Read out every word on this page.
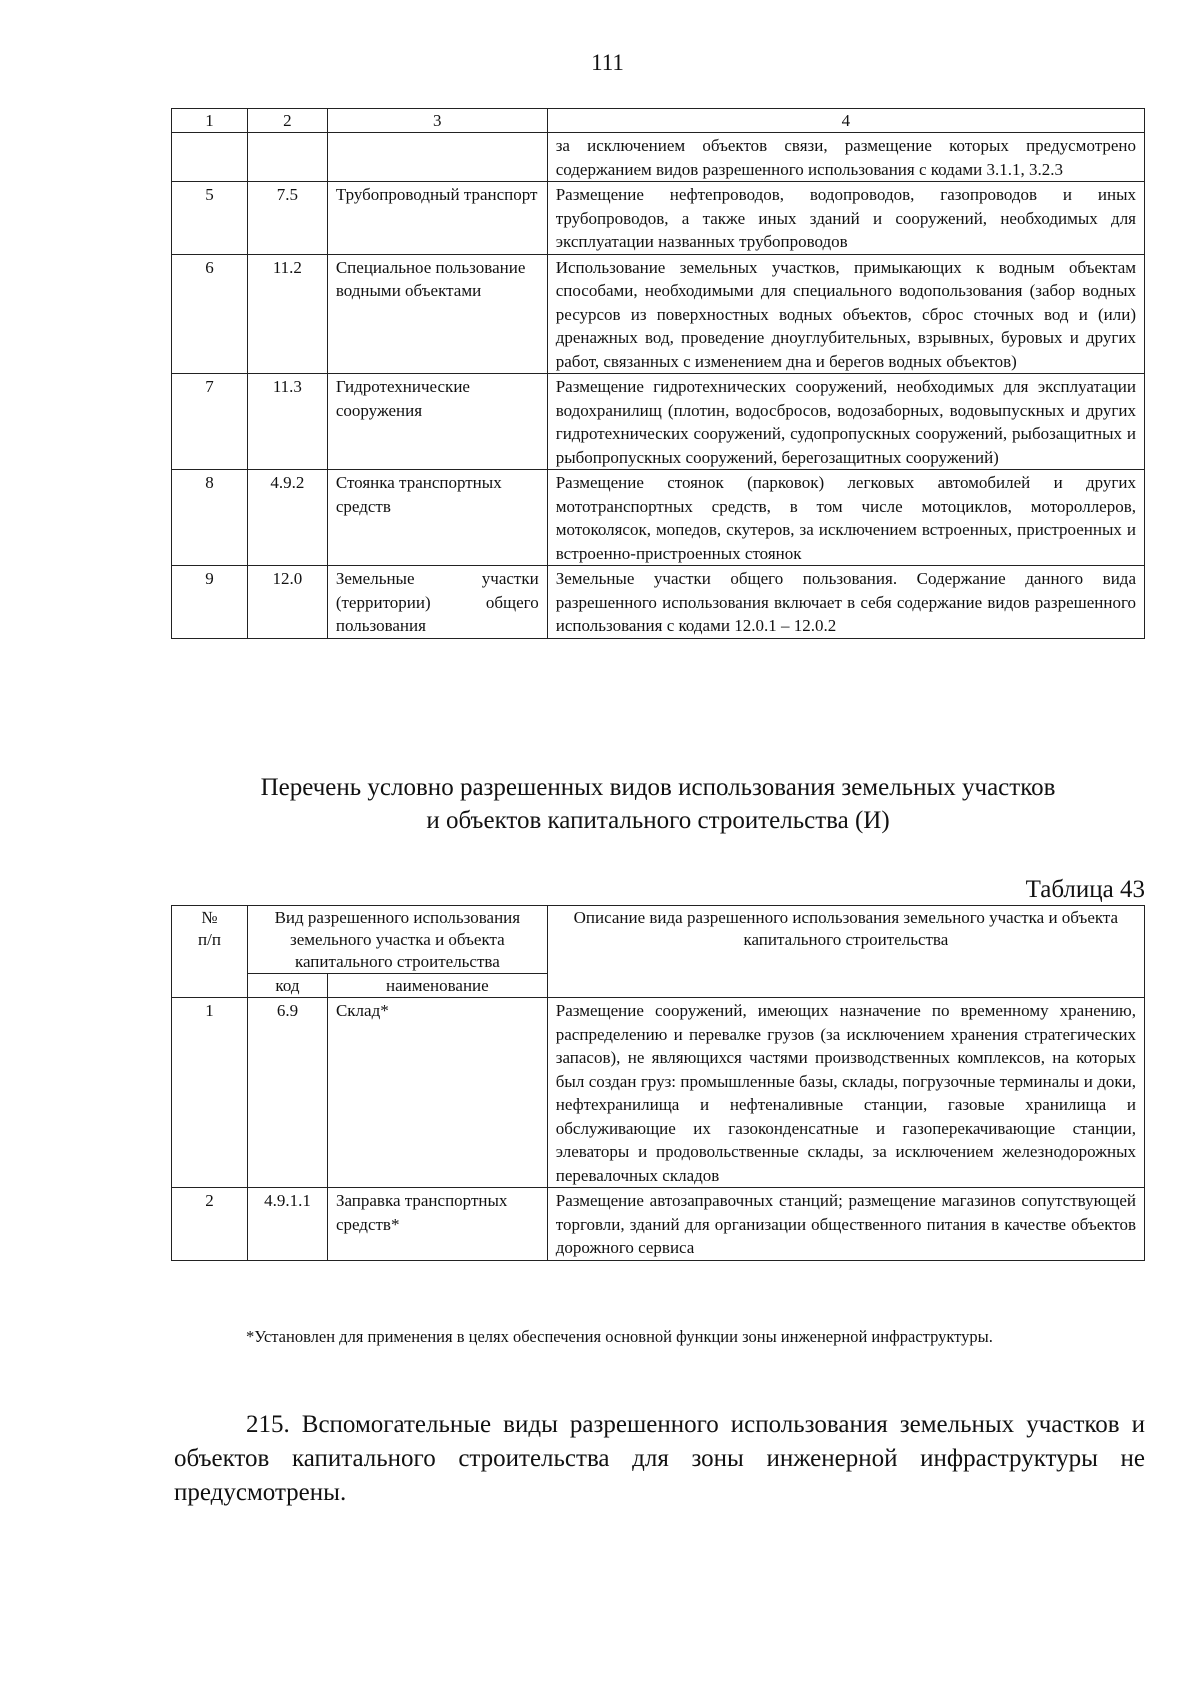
111
1	2	3	4
			за исключением объектов связи, размещение которых предусмотрено содержанием видов разрешенного использования с кодами 3.1.1, 3.2.3
5	7.5	Трубопроводный транспорт	Размещение нефтепроводов, водопроводов, газопроводов и иных трубопроводов, а также иных зданий и сооружений, необходимых для эксплуатации названных трубопроводов
6	11.2	Специальное пользование водными объектами	Использование земельных участков, примыкающих к водным объектам способами, необходимыми для специального водопользования (забор водных ресурсов из поверхностных водных объектов, сброс сточных вод и (или) дренажных вод, проведение дноуглубительных, взрывных, буровых и других работ, связанных с изменением дна и берегов водных объектов)
7	11.3	Гидротехнические сооружения	Размещение гидротехнических сооружений, необходимых для эксплуатации водохранилищ (плотин, водосбросов, водозаборных, водовыпускных и других гидротехнических сооружений, судопропускных сооружений, рыбозащитных и рыбопропускных сооружений, берегозащитных сооружений)
8	4.9.2	Стоянка транспортных средств	Размещение стоянок (парковок) легковых автомобилей и других мототранспортных средств, в том числе мотоциклов, мотороллеров, мотоколясок, мопедов, скутеров, за исключением встроенных, пристроенных и встроенно-пристроенных стоянок
9	12.0	Земельные участки (территории) общего пользования	Земельные участки общего пользования. Содержание данного вида разрешенного использования включает в себя содержание видов разрешенного использования с кодами 12.0.1 – 12.0.2
Перечень условно разрешенных видов использования земельных участков
и объектов капитального строительства (И)
Таблица 43
№ п/п	Вид разрешенного использования земельного участка и объекта капитального строительства		Описание вида разрешенного использования земельного участка и объекта капитального строительства
	код	наименование	
1	6.9	Склад*	Размещение сооружений, имеющих назначение по временному хранению, распределению и перевалке грузов (за исключением хранения стратегических запасов), не являющихся частями производственных комплексов, на которых был создан груз: промышленные базы, склады, погрузочные терминалы и доки, нефтехранилища и нефтеналивные станции, газовые хранилища и обслуживающие их газоконденсатные и газоперекачивающие станции, элеваторы и продовольственные склады, за исключением железнодорожных перевалочных складов
2	4.9.1.1	Заправка транспортных средств*	Размещение автозаправочных станций; размещение магазинов сопутствующей торговли, зданий для организации общественного питания в качестве объектов дорожного сервиса
*Установлен для применения в целях обеспечения основной функции зоны инженерной инфраструктуры.
215. Вспомогательные виды разрешенного использования земельных участков и объектов капитального строительства для зоны инженерной инфраструктуры не предусмотрены.
